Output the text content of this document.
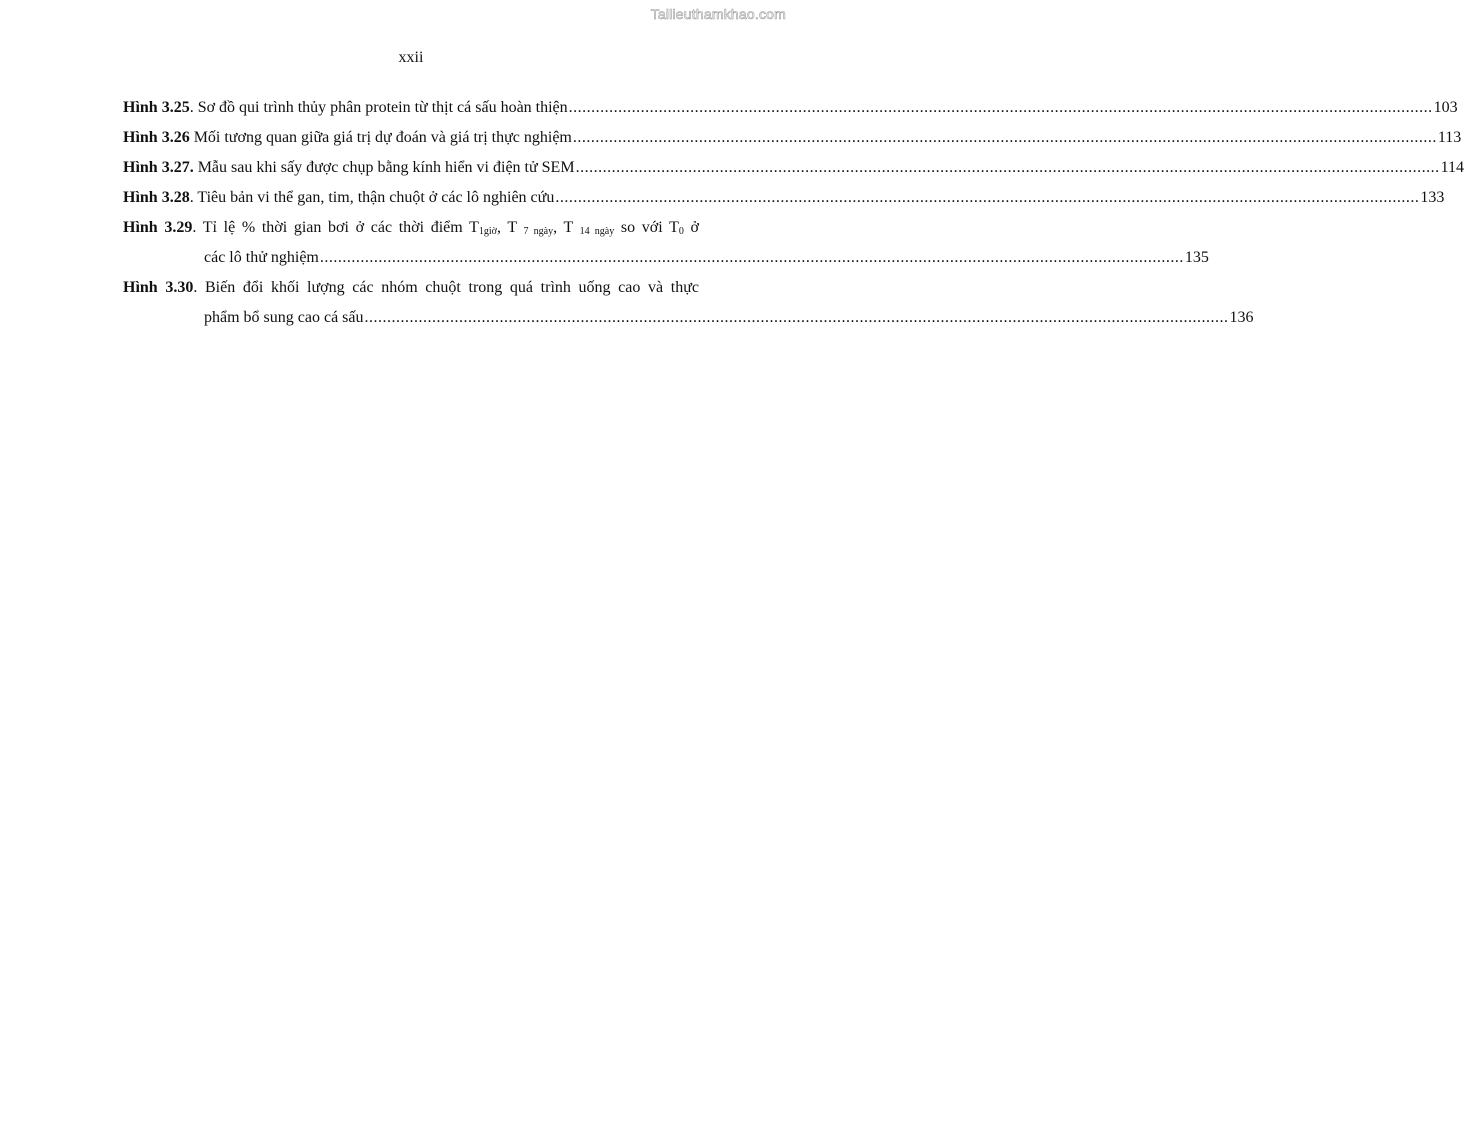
Tailieuthamkhao.com
xxii
Hình 3.25. Sơ đồ qui trình thủy phân protein từ thịt cá sấu hoàn thiện .....	103
Hình 3.26 Mối tương quan giữa giá trị dự đoán và giá trị thực nghiệm .....	113
Hình 3.27. Mẫu sau khi sấy được chụp bằng kính hiển vi điện tử SEM .....	114
Hình 3.28. Tiêu bản vi thể gan, tim, thận chuột ở các lô nghiên cứu .....	133
Hình 3.29. Tỉ lệ % thời gian bơi ở các thời điểm $T_{1giờ}$, T $_{7 ngày}$, T $_{14 ngày}$ so với $T_0$ ở
các lô thử nghiệm .....	135
Hình 3.30. Biến đổi khối lượng các nhóm chuột trong quá trình uống cao và thực
phẩm bổ sung cao cá sấu .....	136
